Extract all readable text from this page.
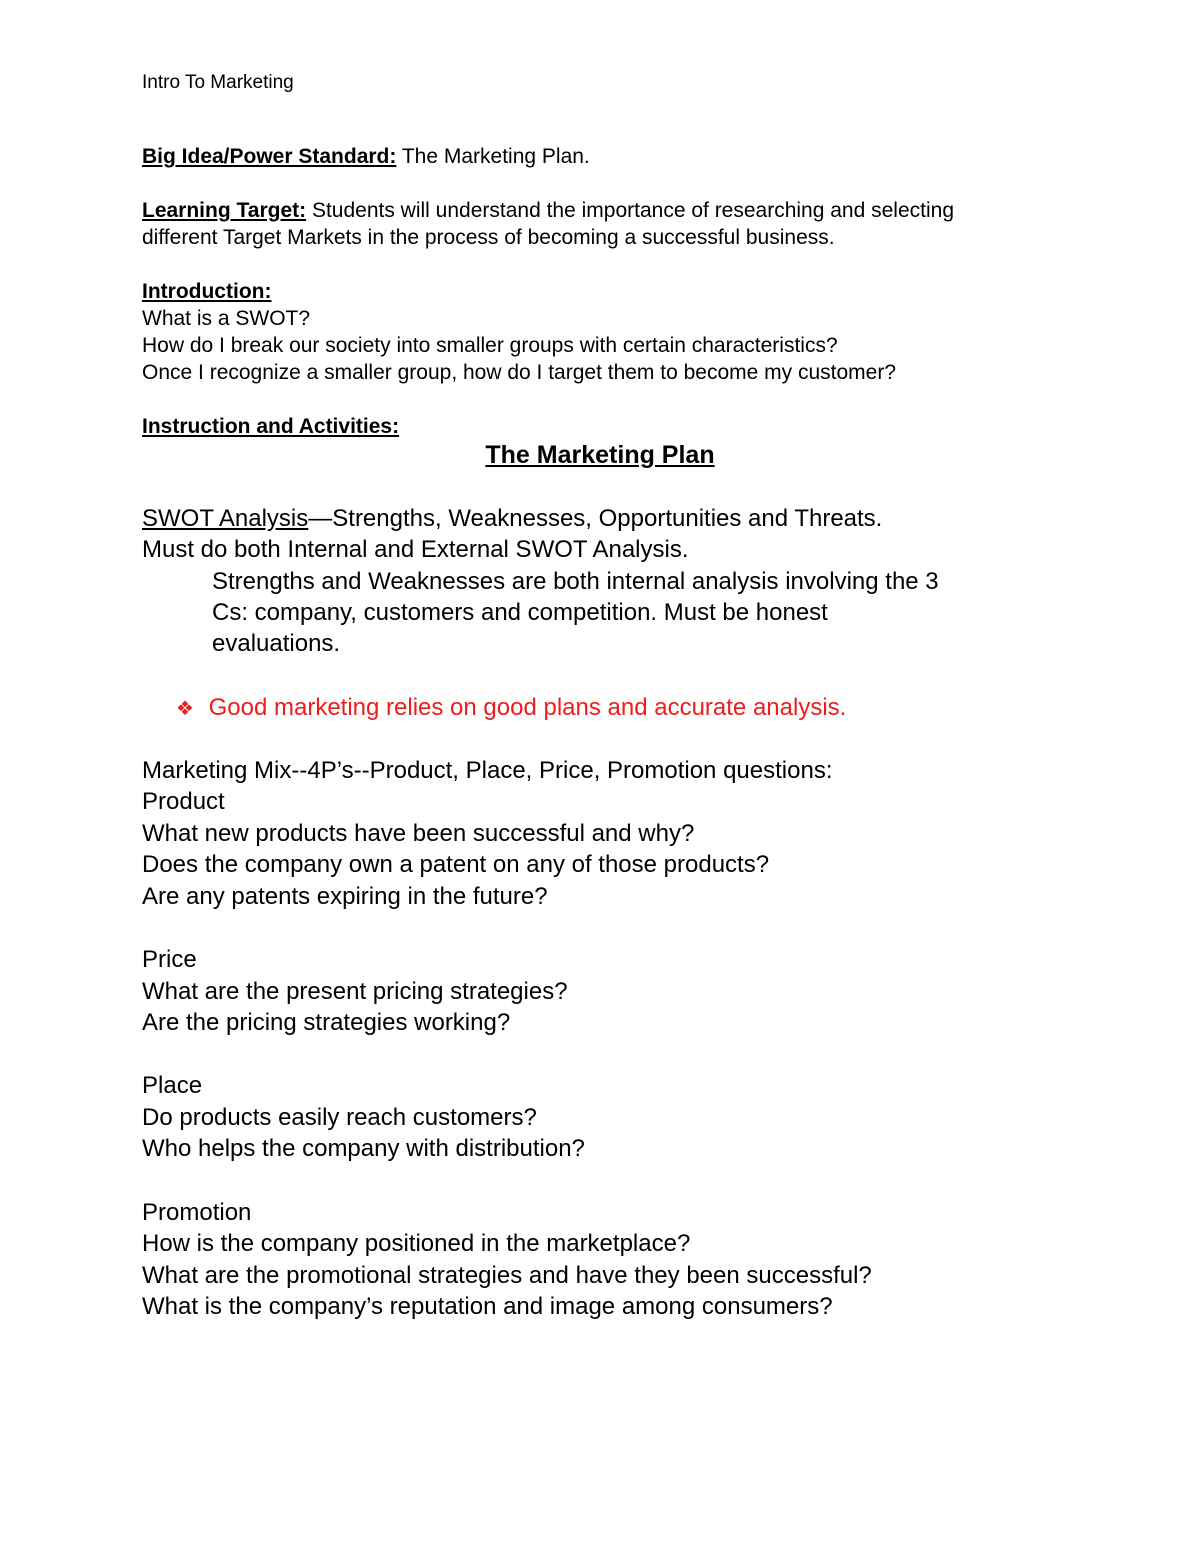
Intro To Marketing
Big Idea/Power Standard: The Marketing Plan.
Learning Target: Students will understand the importance of researching and selecting
different Target Markets in the process of becoming a successful business.
Introduction:
What is a SWOT?
How do I break our society into smaller groups with certain characteristics?
Once I recognize a smaller group, how do I target them to become my customer?
Instruction and Activities:
The Marketing Plan
SWOT Analysis—Strengths, Weaknesses, Opportunities and Threats.
Must do both Internal and External SWOT Analysis.
Strengths and Weaknesses are both internal analysis involving the 3
Cs: company, customers and competition. Must be honest
evaluations.
❖ Good marketing relies on good plans and accurate analysis.
Marketing Mix--4P’s--Product, Place, Price, Promotion questions:
Product
What new products have been successful and why?
Does the company own a patent on any of those products?
Are any patents expiring in the future?
Price
What are the present pricing strategies?
Are the pricing strategies working?
Place
Do products easily reach customers?
Who helps the company with distribution?
Promotion
How is the company positioned in the marketplace?
What are the promotional strategies and have they been successful?
What is the company’s reputation and image among consumers?
